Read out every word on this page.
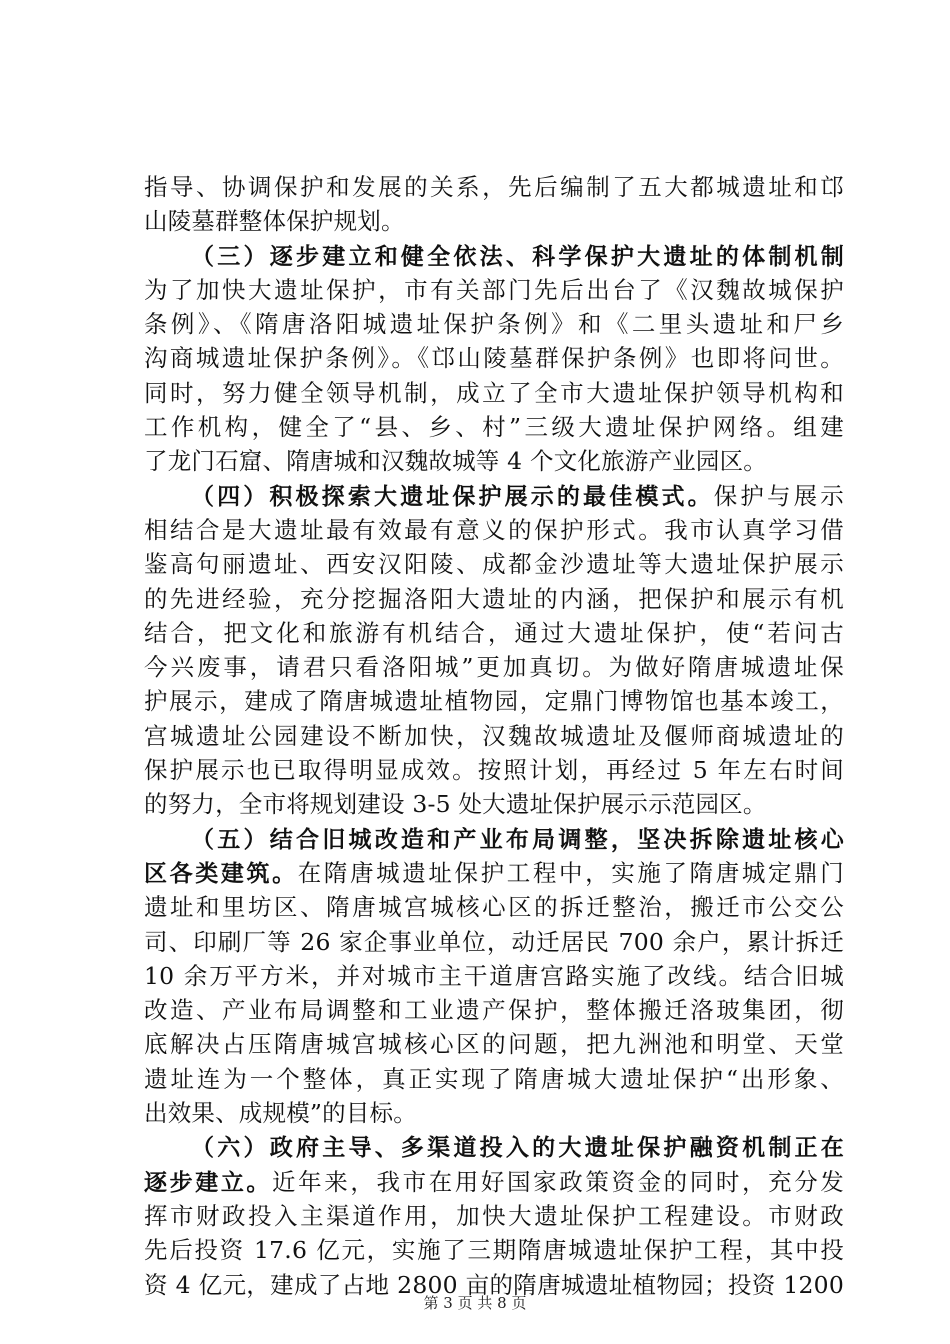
指导、协调保护和发展的关系，先后编制了五大都城遗址和邙
山陵墓群整体保护规划。
（三）逐步建立和健全依法、科学保护大遗址的体制机制
为了加快大遗址保护，市有关部门先后出台了《汉魏故城保护
条例》、《隋唐洛阳城遗址保护条例》和《二里头遗址和尸乡
沟商城遗址保护条例》。《邙山陵墓群保护条例》也即将问世。
同时，努力健全领导机制，成立了全市大遗址保护领导机构和
工作机构，健全了“县、乡、村”三级大遗址保护网络。组建
了龙门石窟、隋唐城和汉魏故城等 4 个文化旅游产业园区。
（四）积极探索大遗址保护展示的最佳模式。保护与展示
相结合是大遗址最有效最有意义的保护形式。我市认真学习借
鉴高句丽遗址、西安汉阳陵、成都金沙遗址等大遗址保护展示
的先进经验，充分挖掘洛阳大遗址的内涵，把保护和展示有机
结合，把文化和旅游有机结合，通过大遗址保护，使“若问古
今兴废事，请君只看洛阳城”更加真切。为做好隋唐城遗址保
护展示，建成了隋唐城遗址植物园，定鼎门博物馆也基本竣工，
宫城遗址公园建设不断加快，汉魏故城遗址及偃师商城遗址的
保护展示也已取得明显成效。按照计划，再经过 5 年左右时间
的努力，全市将规划建设 3-5 处大遗址保护展示示范园区。
（五）结合旧城改造和产业布局调整，坚决拆除遗址核心
区各类建筑。在隋唐城遗址保护工程中，实施了隋唐城定鼎门
遗址和里坊区、隋唐城宫城核心区的拆迁整治，搬迁市公交公
司、印刷厂等 26 家企事业单位，动迁居民 700 余户，累计拆迁
10 余万平方米，并对城市主干道唐宫路实施了改线。结合旧城
改造、产业布局调整和工业遗产保护，整体搬迁洛玻集团，彻
底解决占压隋唐城宫城核心区的问题，把九洲池和明堂、天堂
遗址连为一个整体，真正实现了隋唐城大遗址保护“出形象、
出效果、成规模”的目标。
（六）政府主导、多渠道投入的大遗址保护融资机制正在
逐步建立。近年来，我市在用好国家政策资金的同时，充分发
挥市财政投入主渠道作用，加快大遗址保护工程建设。市财政
先后投资 17.6 亿元，实施了三期隋唐城遗址保护工程，其中投
资 4 亿元，建成了占地 2800 亩的隋唐城遗址植物园；投资 1200
第 3 页 共 8 页
